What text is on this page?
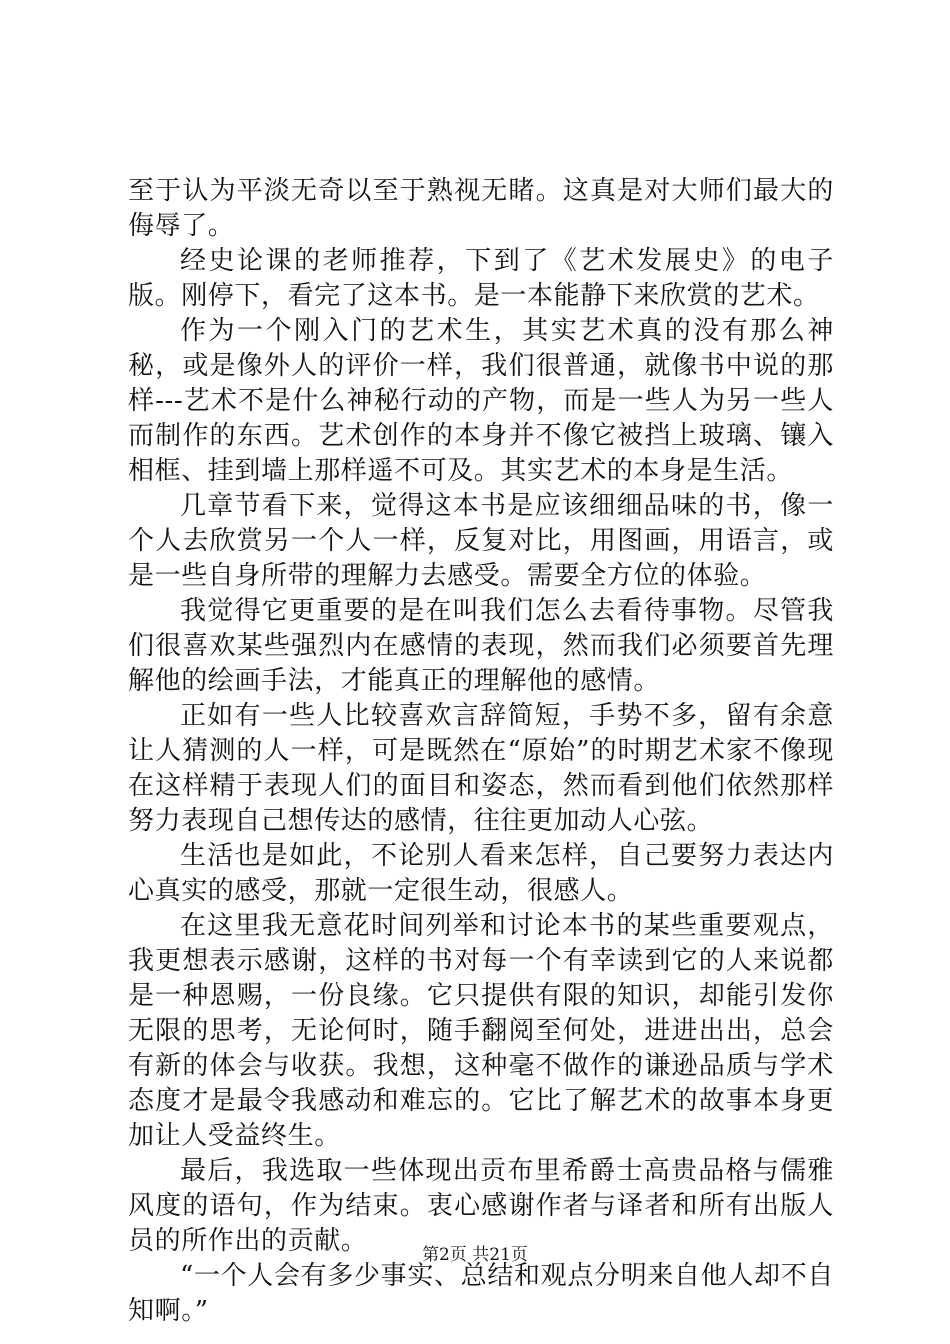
至于认为平淡无奇以至于熟视无睹。这真是对大师们最大的侮辱了。

经史论课的老师推荐，下到了《艺术发展史》的电子版。刚停下，看完了这本书。是一本能静下来欣赏的艺术。

作为一个刚入门的艺术生，其实艺术真的没有那么神秘，或是像外人的评价一样，我们很普通，就像书中说的那样---艺术不是什么神秘行动的产物，而是一些人为另一些人而制作的东西。艺术创作的本身并不像它被挡上玻璃、镶入相框、挂到墙上那样遥不可及。其实艺术的本身是生活。

几章节看下来，觉得这本书是应该细细品味的书，像一个人去欣赏另一个人一样，反复对比，用图画，用语言，或是一些自身所带的理解力去感受。需要全方位的体验。

我觉得它更重要的是在叫我们怎么去看待事物。尽管我们很喜欢某些强烈内在感情的表现，然而我们必须要首先理解他的绘画手法，才能真正的理解他的感情。

正如有一些人比较喜欢言辞简短，手势不多，留有余意让人猜测的人一样，可是既然在“原始”的时期艺术家不像现在这样精于表现人们的面目和姿态，然而看到他们依然那样努力表现自己想传达的感情，往往更加动人心弦。

生活也是如此，不论别人看来怎样，自己要努力表达内心真实的感受，那就一定很生动，很感人。

在这里我无意花时间列举和讨论本书的某些重要观点，我更想表示感谢，这样的书对每一个有幸读到它的人来说都是一种恩赐，一份良缘。它只提供有限的知识，却能引发你无限的思考，无论何时，随手翻阅至何处，进进出出，总会有新的体会与收获。我想，这种毫不做作的谦逊品质与学术态度才是最令我感动和难忘的。它比了解艺术的故事本身更加让人受益终生。

最后，我选取一些体现出贡布里希爵士高贵品格与儒雅风度的语句，作为结束。衷心感谢作者与译者和所有出版人员的所作出的贡献。

“一个人会有多少事实、总结和观点分明来自他人却不自知啊。”

第2页 共21页
